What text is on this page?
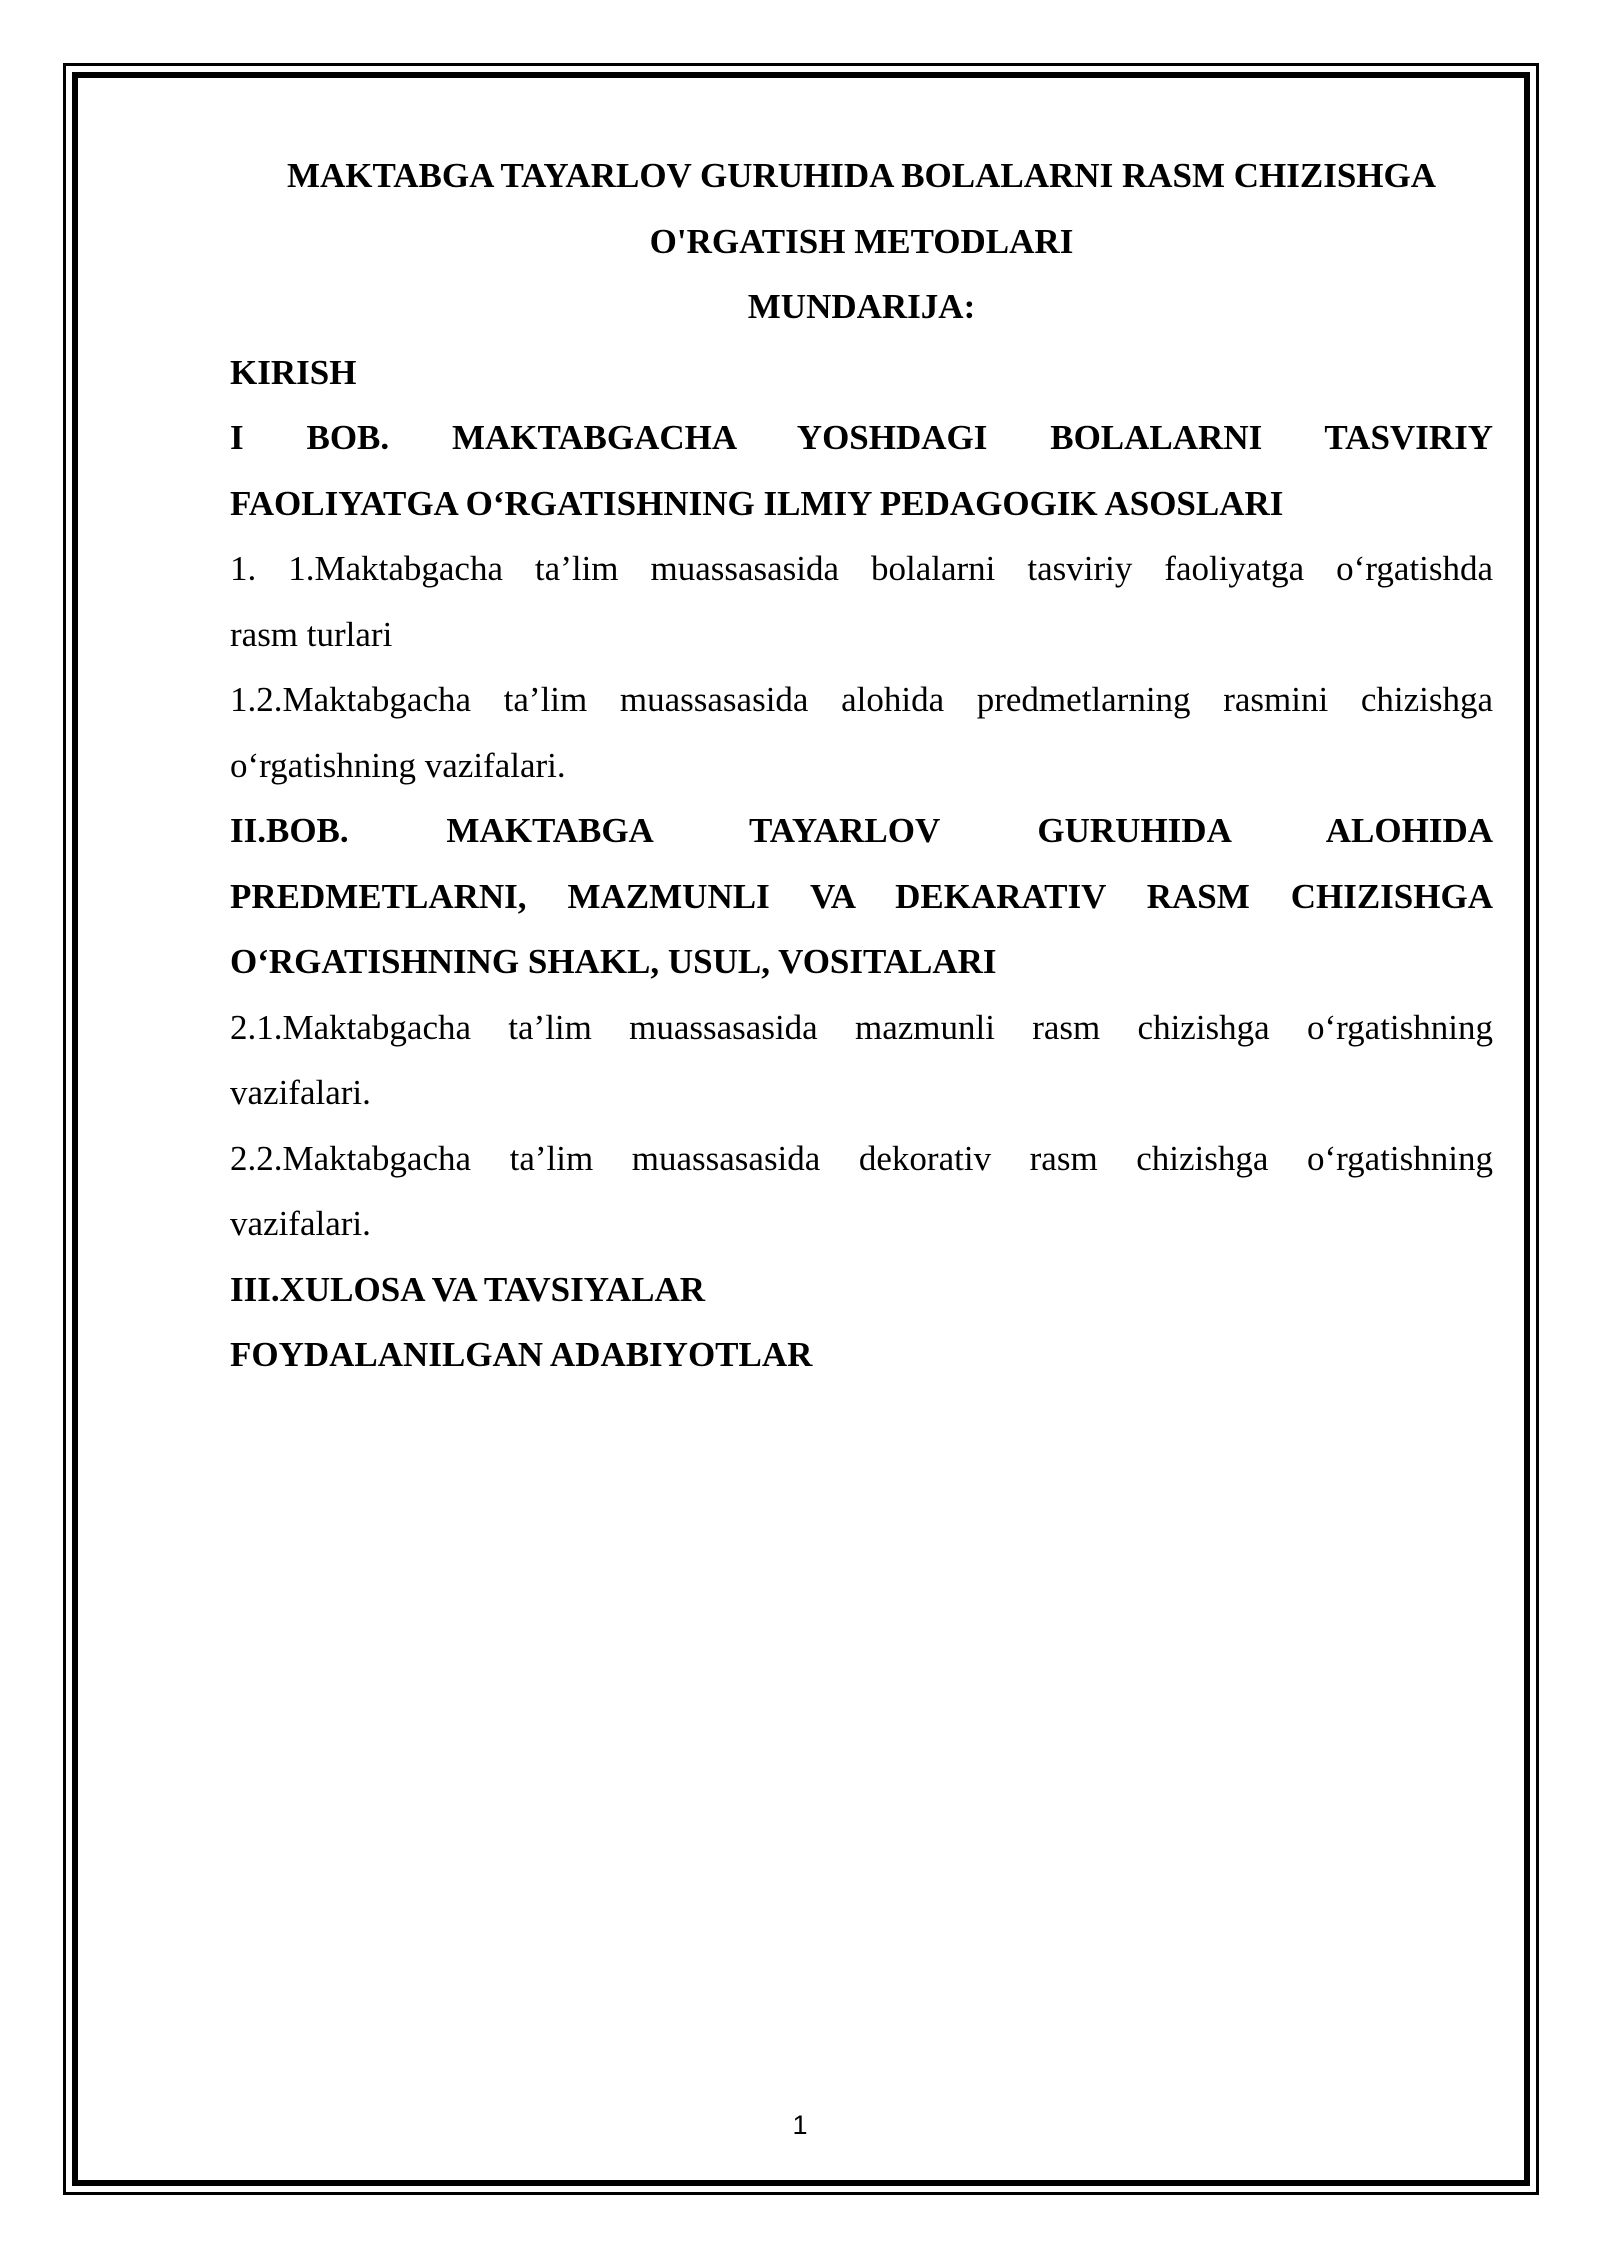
MAKTABGA TAYARLOV GURUHIDA BOLALARNI RASM CHIZISHGA
O'RGATISH METODLARI
MUNDARIJA:
KIRISH
I BOB. MAKTABGACHA YOSHDAGI BOLALARNI TASVIRIY
FAOLIYATGA O‘RGATISHNING ILMIY PEDAGOGIK ASOSLARI
1. 1.Maktabgacha ta’lim muassasasida bolalarni tasviriy faoliyatga o‘rgatishda
rasm turlari
1.2.Maktabgacha ta’lim muassasasida alohida predmetlarning rasmini chizishga
o‘rgatishning vazifalari.
II.BOB. MAKTABGA TAYARLOV GURUHIDA ALOHIDA
PREDMETLARNI, MAZMUNLI VA DEKARATIV RASM CHIZISHGA
O‘RGATISHNING SHAKL, USUL, VOSITALARI
2.1.Maktabgacha ta’lim muassasasida mazmunli rasm chizishga o‘rgatishning
vazifalari.
2.2.Maktabgacha ta’lim muassasasida dekorativ rasm chizishga o‘rgatishning
vazifalari.
III.XULOSA VA TAVSIYALAR
FOYDALANILGAN ADABIYOTLAR
1
